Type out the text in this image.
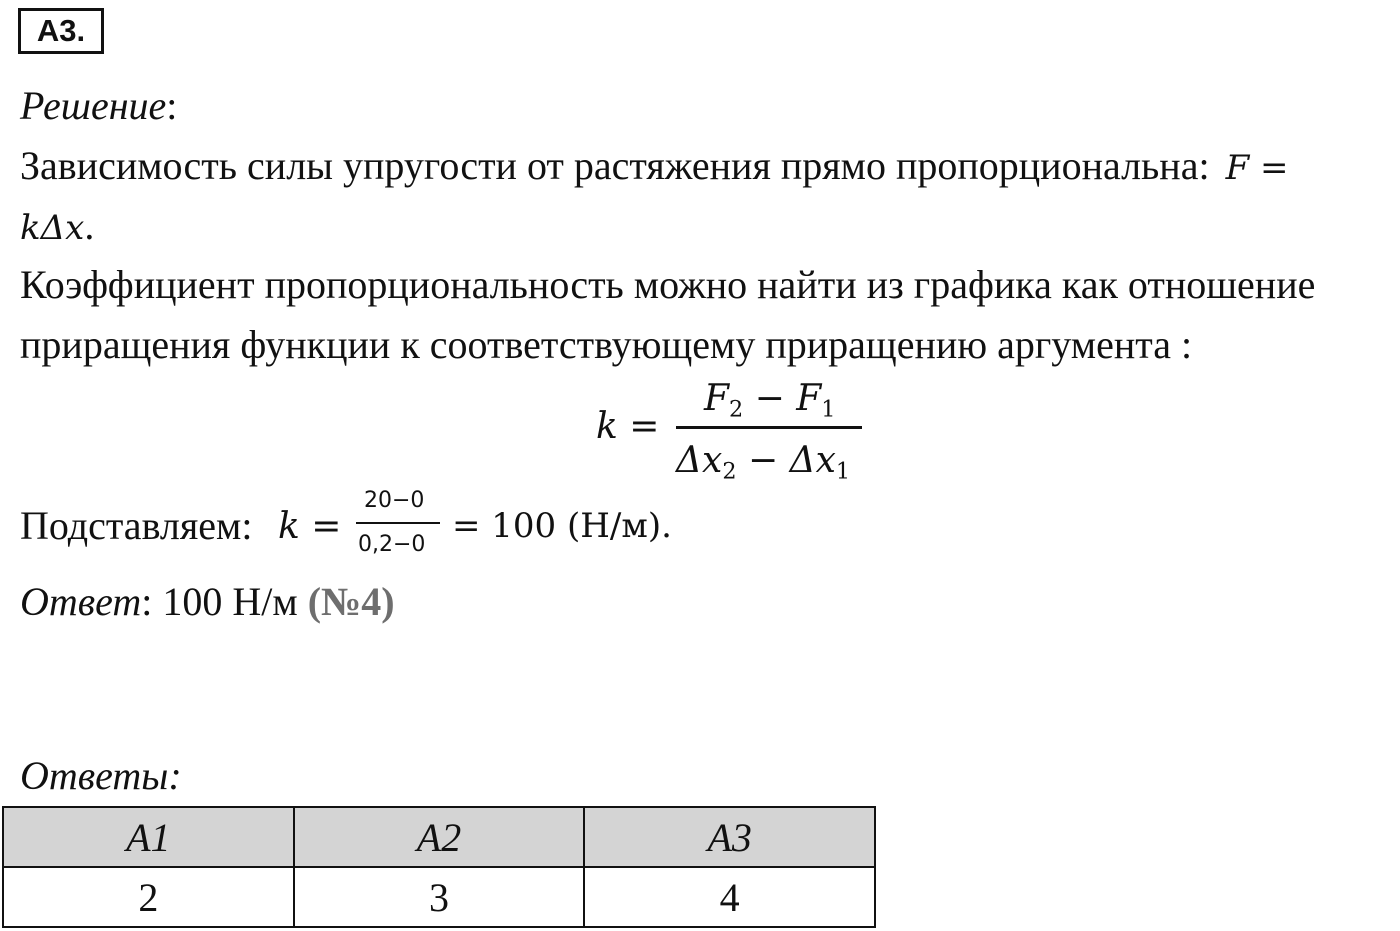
A3.
Решение:
Зависимость силы упругости от растяжения прямо пропорциональна: F =
kΔx.
Коэффициент пропорциональность можно найти из графика как отношение
приращения функции к соответствующему приращению аргумента :
k =
$F_2 - F_1$
$\Delta x_2 - \Delta x_1$
Подставляем: k =
20−0
0,2−0 = 100 (Н/м).
Ответ: 100 Н/м (№4)
Ответы:
A1	A2	A3
2	3	4
